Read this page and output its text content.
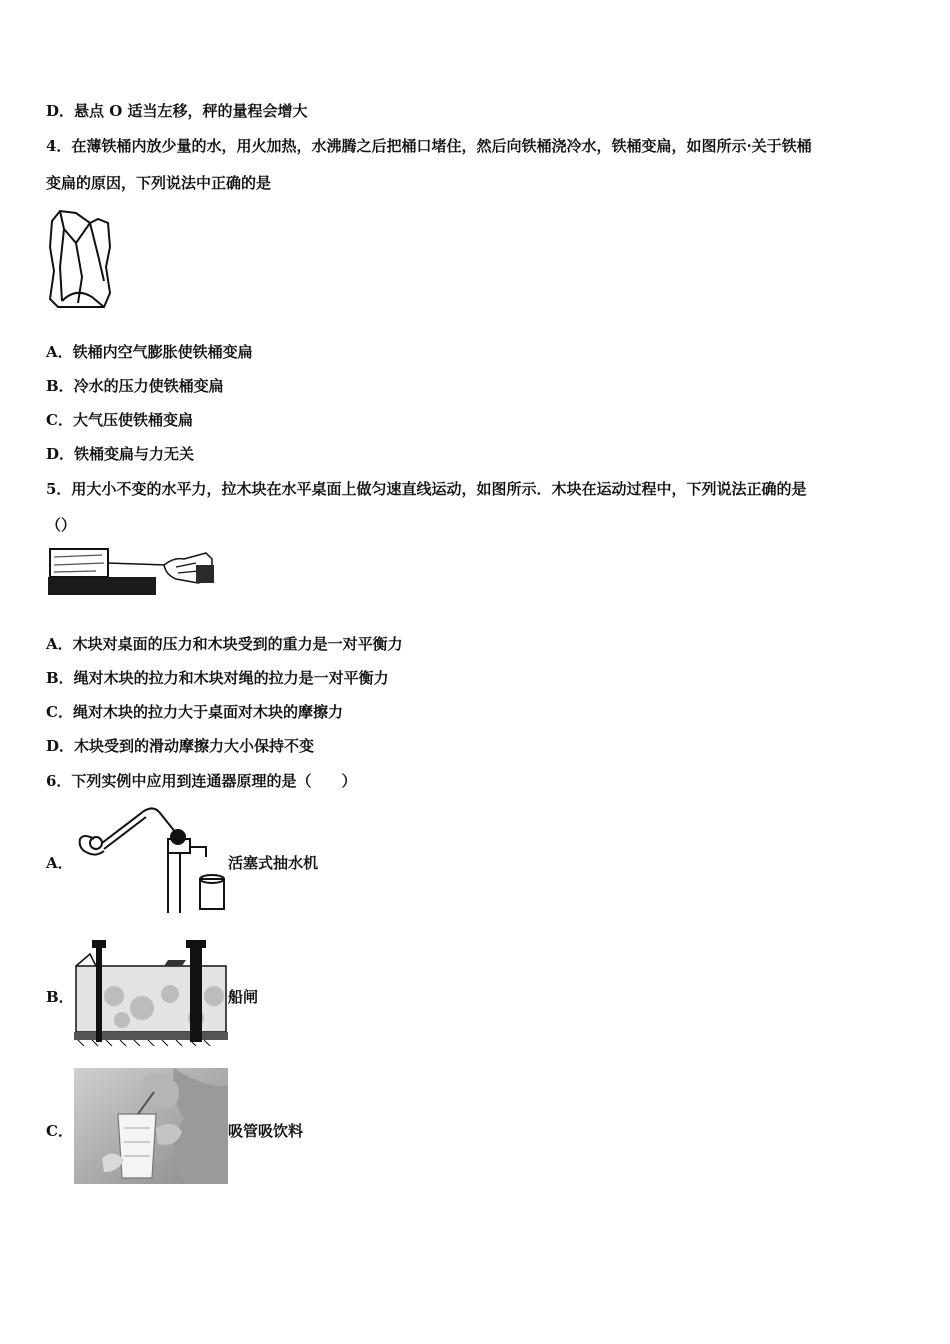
D．悬点 O 适当左移，秤的量程会增大
4．在薄铁桶内放少量的水，用火加热，水沸腾之后把桶口堵住，然后向铁桶浇冷水，铁桶变扁，如图所示·关于铁桶
变扁的原因，下列说法中正确的是
A．铁桶内空气膨胀使铁桶变扁
B．冷水的压力使铁桶变扁
C．大气压使铁桶变扁
D．铁桶变扁与力无关
5．用大小不变的水平力，拉木块在水平桌面上做匀速直线运动，如图所示．木块在运动过程中，下列说法正确的是
（）
A．木块对桌面的压力和木块受到的重力是一对平衡力
B．绳对木块的拉力和木块对绳的拉力是一对平衡力
C．绳对木块的拉力大于桌面对木块的摩擦力
D．木块受到的滑动摩擦力大小保持不变
6．下列实例中应用到连通器原理的是（　　）
A．	活塞式抽水机
B．	船闸
C．	吸管吸饮料
